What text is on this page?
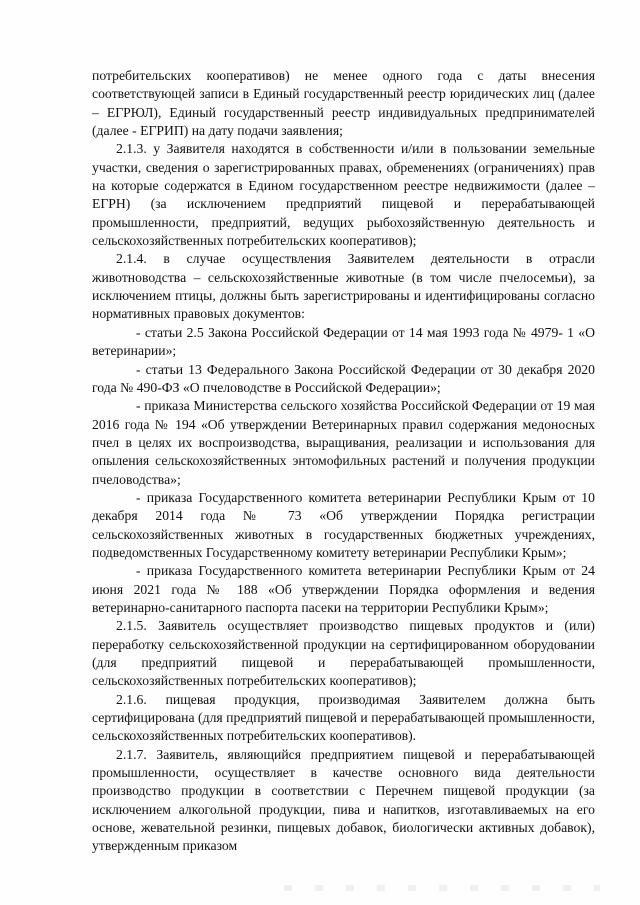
потребительских кооперативов) не менее одного года с даты внесения соответствующей записи в Единый государственный реестр юридических лиц (далее – ЕГРЮЛ), Единый государственный реестр индивидуальных предпринимателей (далее - ЕГРИП) на дату подачи заявления;

2.1.3. у Заявителя находятся в собственности и/или в пользовании земельные участки, сведения о зарегистрированных правах, обременениях (ограничениях) прав на которые содержатся в Едином государственном реестре недвижимости (далее – ЕГРН) (за исключением предприятий пищевой и перерабатывающей промышленности, предприятий, ведущих рыбохозяйственную деятельность и сельскохозяйственных потребительских кооперативов);

2.1.4. в случае осуществления Заявителем деятельности в отрасли животноводства – сельскохозяйственные животные (в том числе пчелосемьи), за исключением птицы, должны быть зарегистрированы и идентифицированы согласно нормативных правовых документов:

- статьи 2.5 Закона Российской Федерации от 14 мая 1993 года № 4979- 1 «О ветеринарии»;

- статьи 13 Федерального Закона Российской Федерации от 30 декабря 2020 года № 490-ФЗ «О пчеловодстве в Российской Федерации»;

- приказа Министерства сельского хозяйства Российской Федерации от 19 мая 2016 года № 194 «Об утверждении Ветеринарных правил содержания медоносных пчел в целях их воспроизводства, выращивания, реализации и использования для опыления сельскохозяйственных энтомофильных растений и получения продукции пчеловодства»;

- приказа Государственного комитета ветеринарии Республики Крым от 10 декабря 2014 года № 73 «Об утверждении Порядка регистрации сельскохозяйственных животных в государственных бюджетных учреждениях, подведомственных Государственному комитету ветеринарии Республики Крым»;

- приказа Государственного комитета ветеринарии Республики Крым от 24 июня 2021 года № 188 «Об утверждении Порядка оформления и ведения ветеринарно-санитарного паспорта пасеки на территории Республики Крым»;

2.1.5. Заявитель осуществляет производство пищевых продуктов и (или) переработку сельскохозяйственной продукции на сертифицированном оборудовании (для предприятий пищевой и перерабатывающей промышленности, сельскохозяйственных потребительских кооперативов);

2.1.6. пищевая продукция, производимая Заявителем должна быть сертифицирована (для предприятий пищевой и перерабатывающей промышленности, сельскохозяйственных потребительских кооперативов).

2.1.7. Заявитель, являющийся предприятием пищевой и перерабатывающей промышленности, осуществляет в качестве основного вида деятельности производство продукции в соответствии с Перечнем пищевой продукции (за исключением алкогольной продукции, пива и напитков, изготавливаемых на его основе, жевательной резинки, пищевых добавок, биологически активных добавок), утвержденным приказом
